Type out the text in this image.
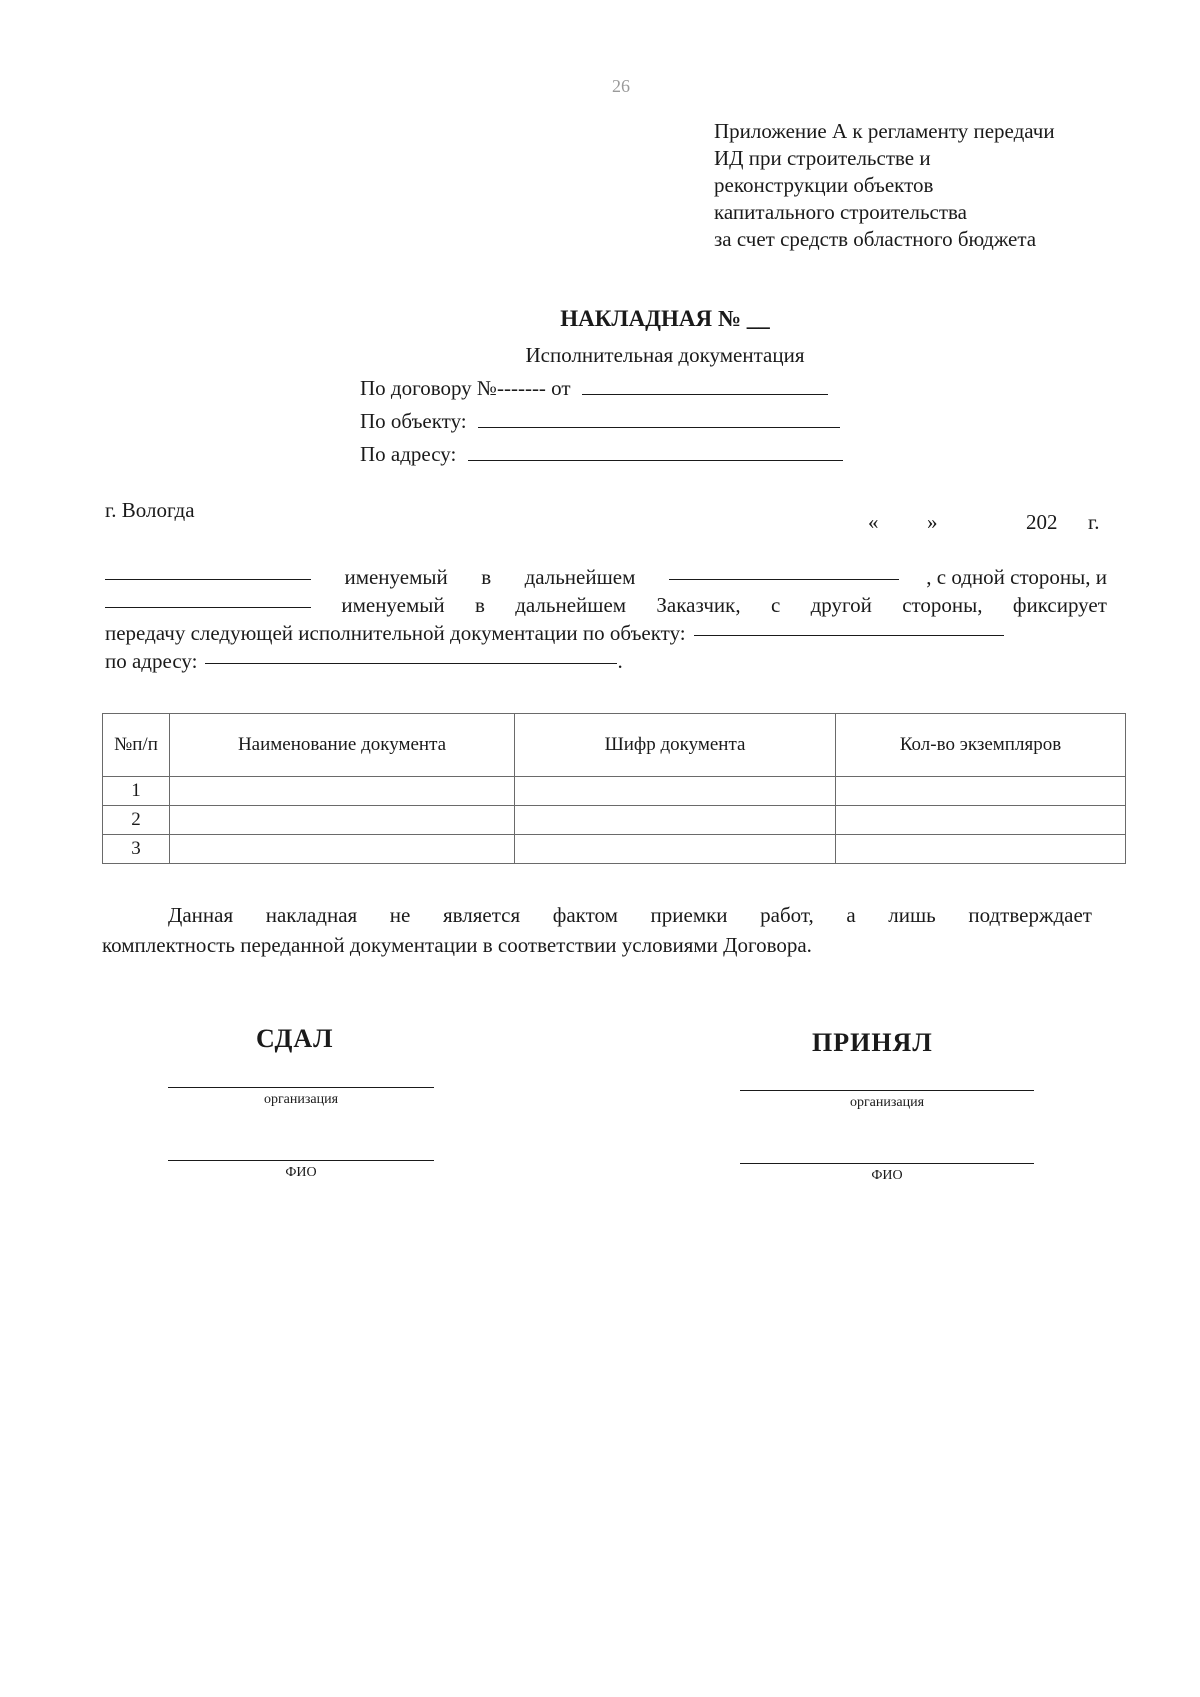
26
Приложение А к регламенту передачи
ИД при строительстве и
реконструкции объектов
капитального строительства
за счет средств областного бюджета
НАКЛАДНАЯ № __
Исполнительная документация
По договору №------- от
По объекту:
По адресу:
г. Вологда	« »	202 г.
именуемый в дальнейшем	, с одной стороны, и
именуемый в дальнейшем Заказчик, с другой стороны, фиксирует
передачу следующей исполнительной документации по объекту:
по адресу:	.
№п/п	Наименование документа	Шифр документа	Кол-во экземпляров
1			
2			
3			
Данная накладная не является фактом приемки работ, а лишь подтверждает
комплектность переданной документации в соответствии условиями Договора.
СДАЛ
организация
ФИО
ПРИНЯЛ
организация
ФИО
